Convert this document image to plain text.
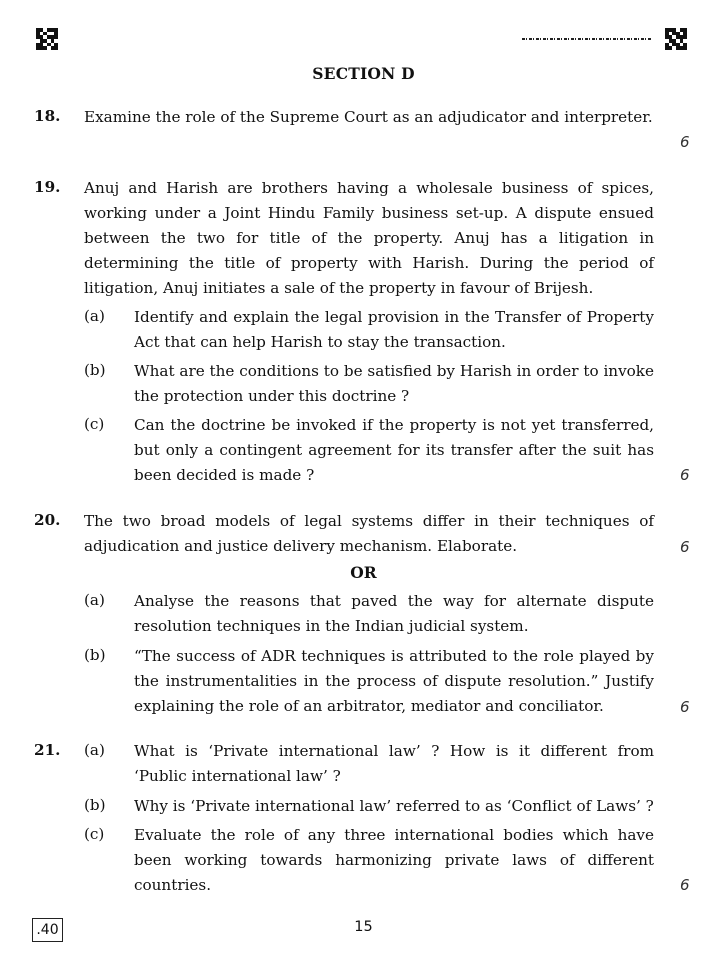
SECTION D
18. Examine the role of the Supreme Court as an adjudicator and interpreter.
6
19. Anuj and Harish are brothers having a wholesale business of spices, working under a Joint Hindu Family business set-up. A dispute ensued between the two for title of the property. Anuj has a litigation in determining the title of property with Harish. During the period of litigation, Anuj initiates a sale of the property in favour of Brijesh.
(a) Identify and explain the legal provision in the Transfer of Property Act that can help Harish to stay the transaction.
(b) What are the conditions to be satisfied by Harish in order to invoke the protection under this doctrine ?
(c) Can the doctrine be invoked if the property is not yet transferred, but only a contingent agreement for its transfer after the suit has been decided is made ?	6
20. The two broad models of legal systems differ in their techniques of adjudication and justice delivery mechanism. Elaborate.	6
OR
(a) Analyse the reasons that paved the way for alternate dispute resolution techniques in the Indian judicial system.
(b) “The success of ADR techniques is attributed to the role played by the instrumentalities in the process of dispute resolution.” Justify explaining the role of an arbitrator, mediator and conciliator.	6
21. (a) What is ‘Private international law’ ? How is it different from ‘Public international law’ ?
(b) Why is ‘Private international law’ referred to as ‘Conflict of Laws’ ?
(c) Evaluate the role of any three international bodies which have been working towards harmonizing private laws of different countries.	6
.40	15
